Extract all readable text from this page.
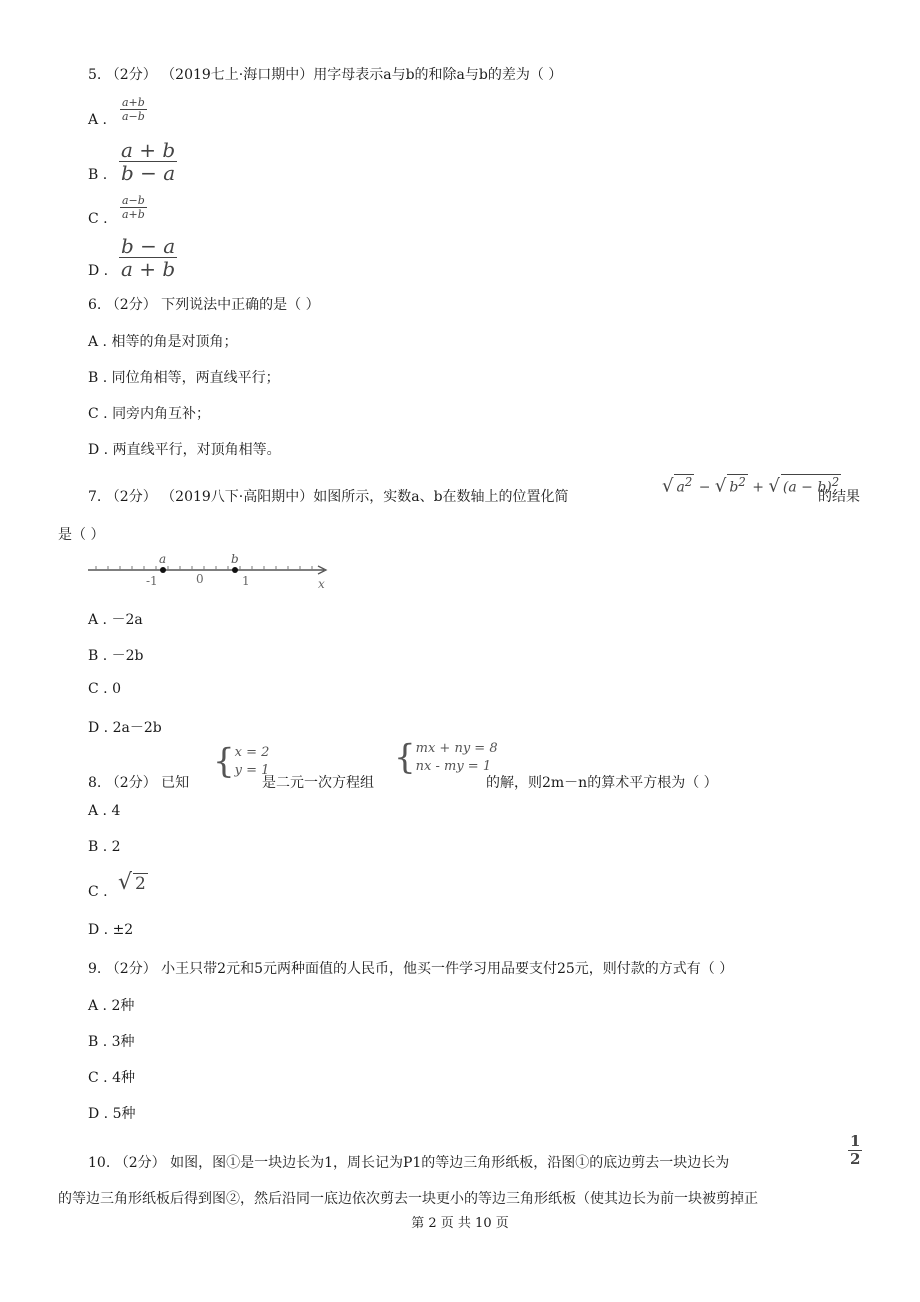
5. （2分） （2019七上·海口期中）用字母表示a与b的和除a与b的差为（ ）
A . $\frac{a+b}{a-b}$
B . $\frac{a + b}{b - a}$
C . $\frac{a-b}{a+b}$
D . $\frac{b - a}{a + b}$
6. （2分） 下列说法中正确的是（ ）
A . 相等的角是对顶角；
B . 同位角相等，两直线平行；
C . 同旁内角互补；
D . 两直线平行，对顶角相等。
7. （2分） （2019八下·高阳期中）如图所示，实数a、b在数轴上的位置化简
√ $a^2$ − √ $b^2$ + √ $(a - b)^2$
的结果
是（ ）
a	b
-1	0	1	x
A . －2a
B . －2b
C . 0
D . 2a－2b
8. （2分） 已知
{ x = 2
y = 1
是二元一次方程组
{ mx + ny = 8
nx - my = 1
的解，则2m－n的算术平方根为（ ）
A . 4
B . 2
C . √ 2
D . ±2
9. （2分） 小王只带2元和5元两种面值的人民币，他买一件学习用品要支付25元，则付款的方式有（ ）
A . 2种
B . 3种
C . 4种
D . 5种
10. （2分） 如图，图①是一块边长为1，周长记为P1的等边三角形纸板，沿图①的底边剪去一块边长为	$\frac{1}{2}$
的等边三角形纸板后得到图②，然后沿同一底边依次剪去一块更小的等边三角形纸板（使其边长为前一块被剪掉正
第 2 页 共 10 页
